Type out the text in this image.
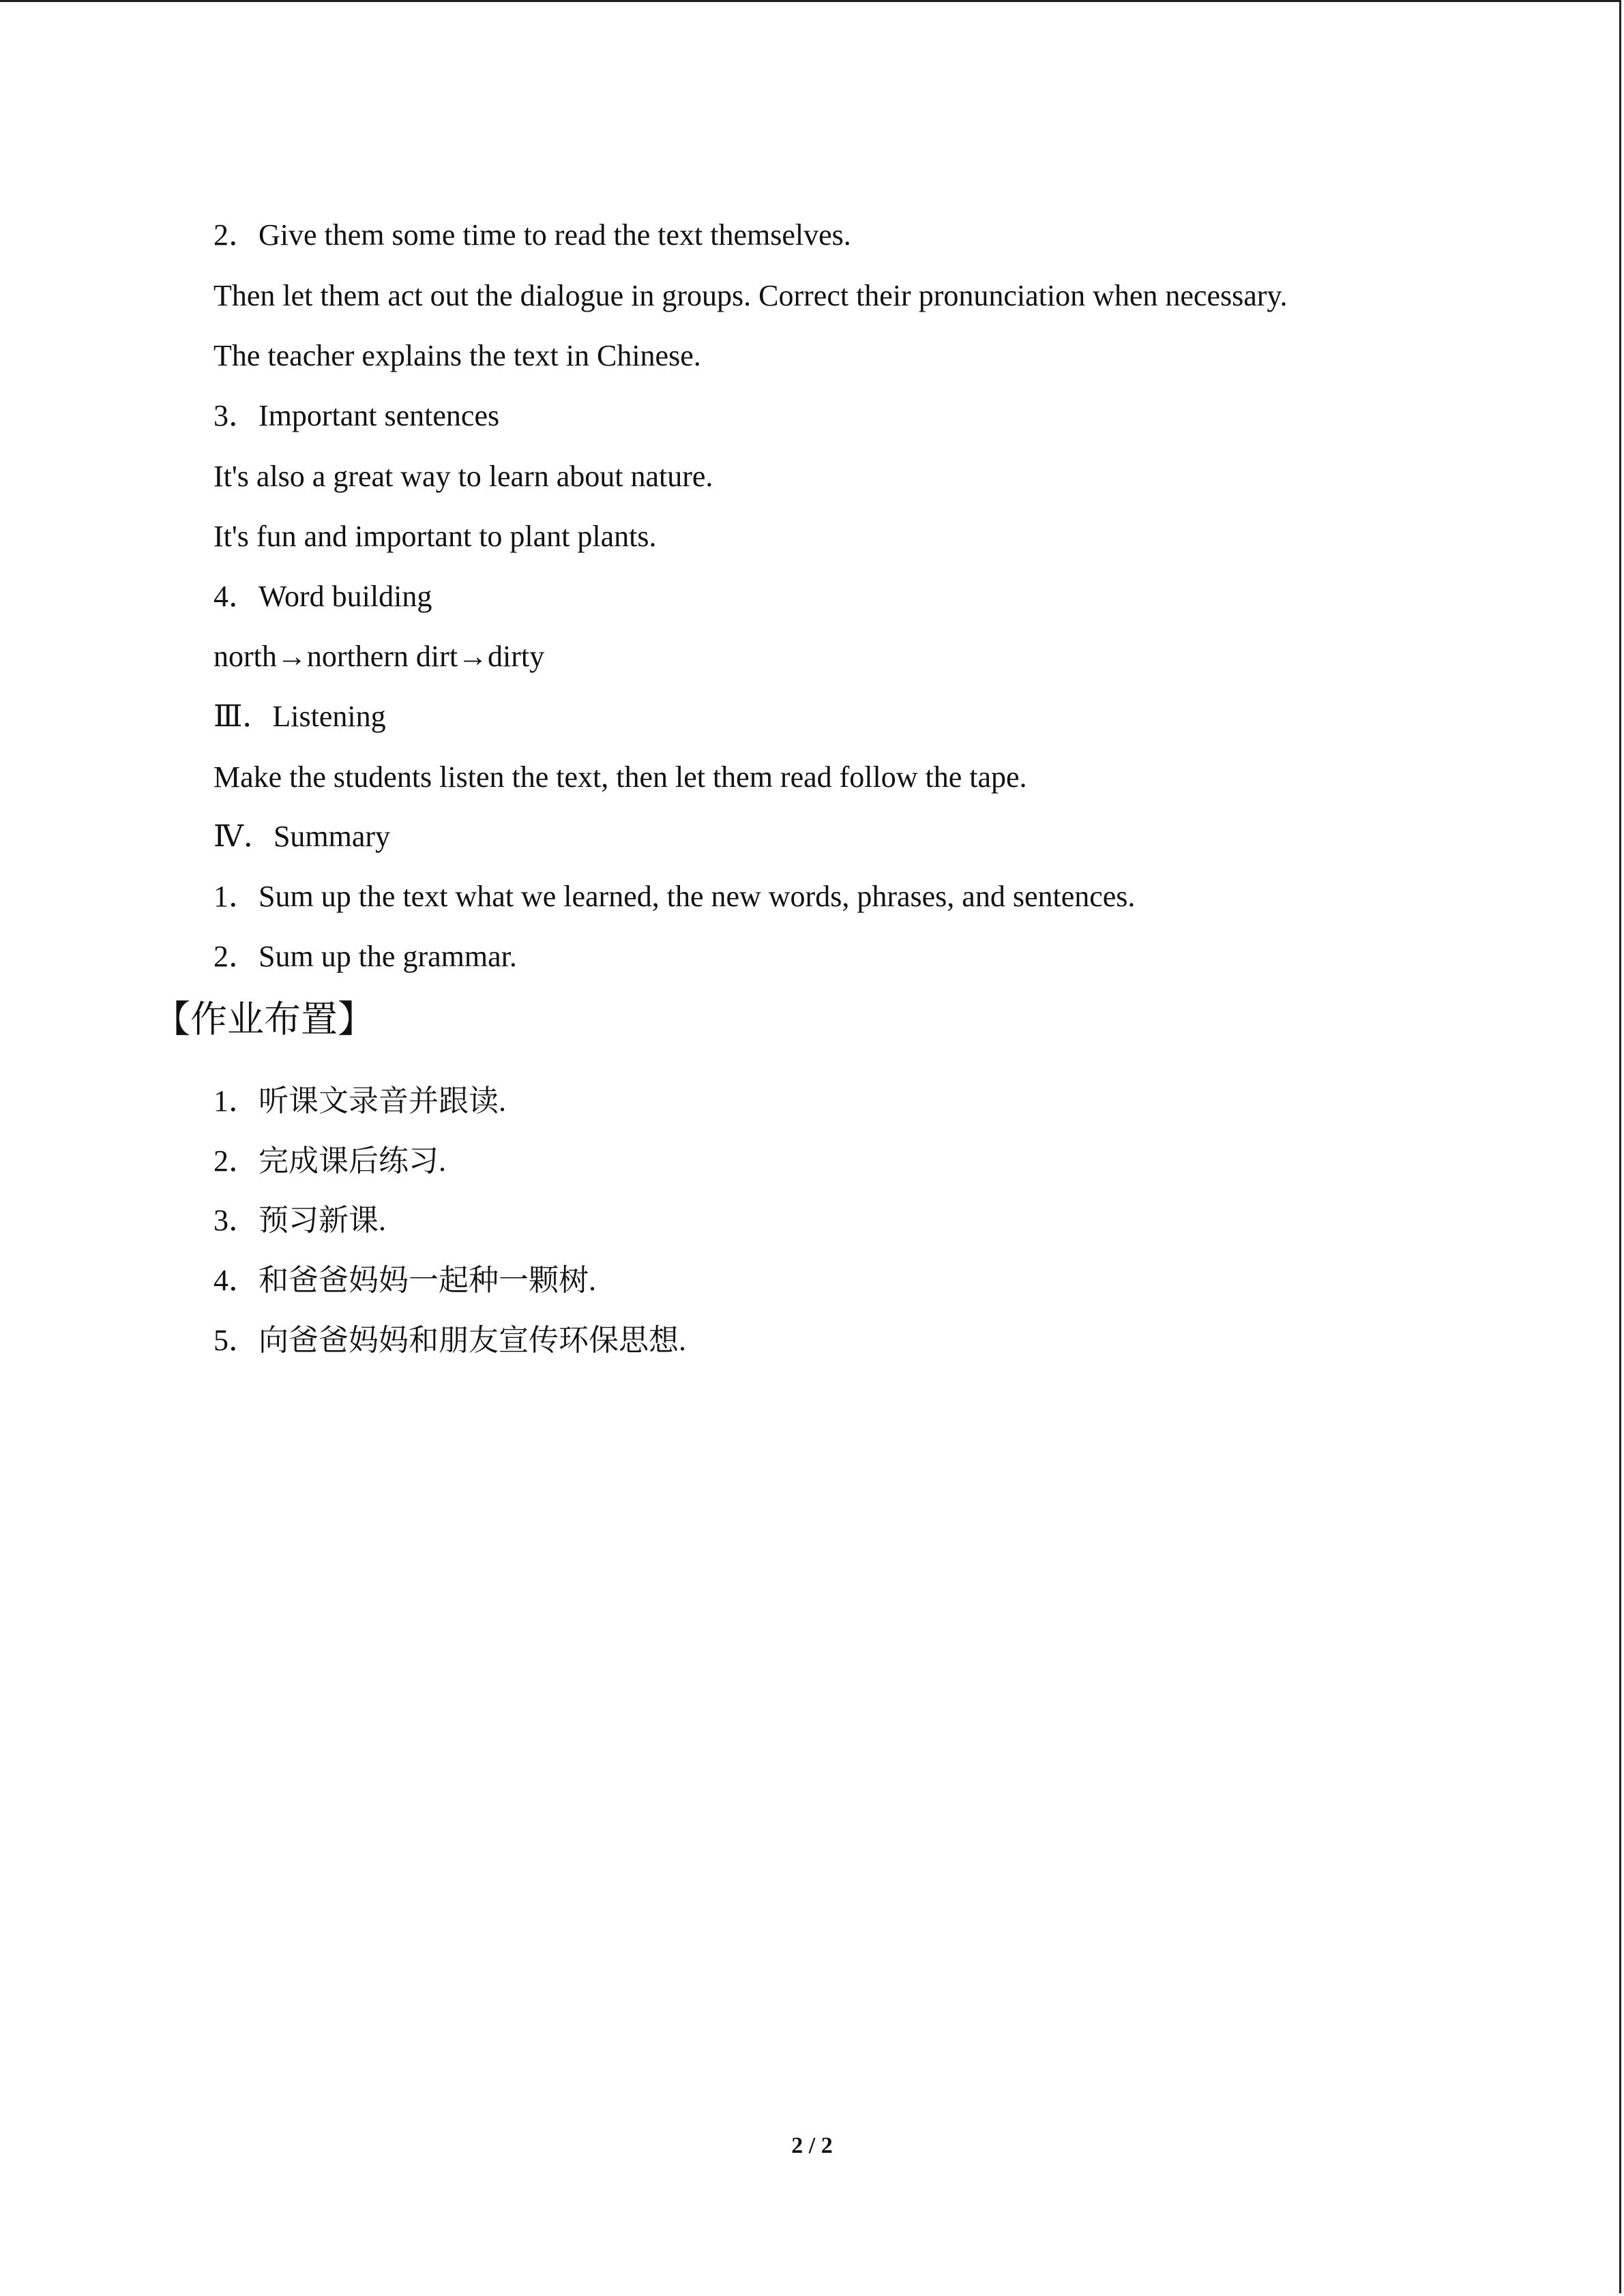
2．Give them some time to read the text themselves.
Then let them act out the dialogue in groups. Correct their pronunciation when necessary.
The teacher explains the text in Chinese.
3．Important sentences
It's also a great way to learn about nature.
It's fun and important to plant plants.
4．Word building
north→northern dirt→dirty
Ⅲ．Listening
Make the students listen the text, then let them read follow the tape.
Ⅳ．Summary
1．Sum up the text what we learned, the new words, phrases, and sentences.
2．Sum up the grammar.
【作业布置】
1．听课文录音并跟读.
2．完成课后练习.
3．预习新课.
4．和爸爸妈妈一起种一颗树.
5．向爸爸妈妈和朋友宣传环保思想.
2 / 2
